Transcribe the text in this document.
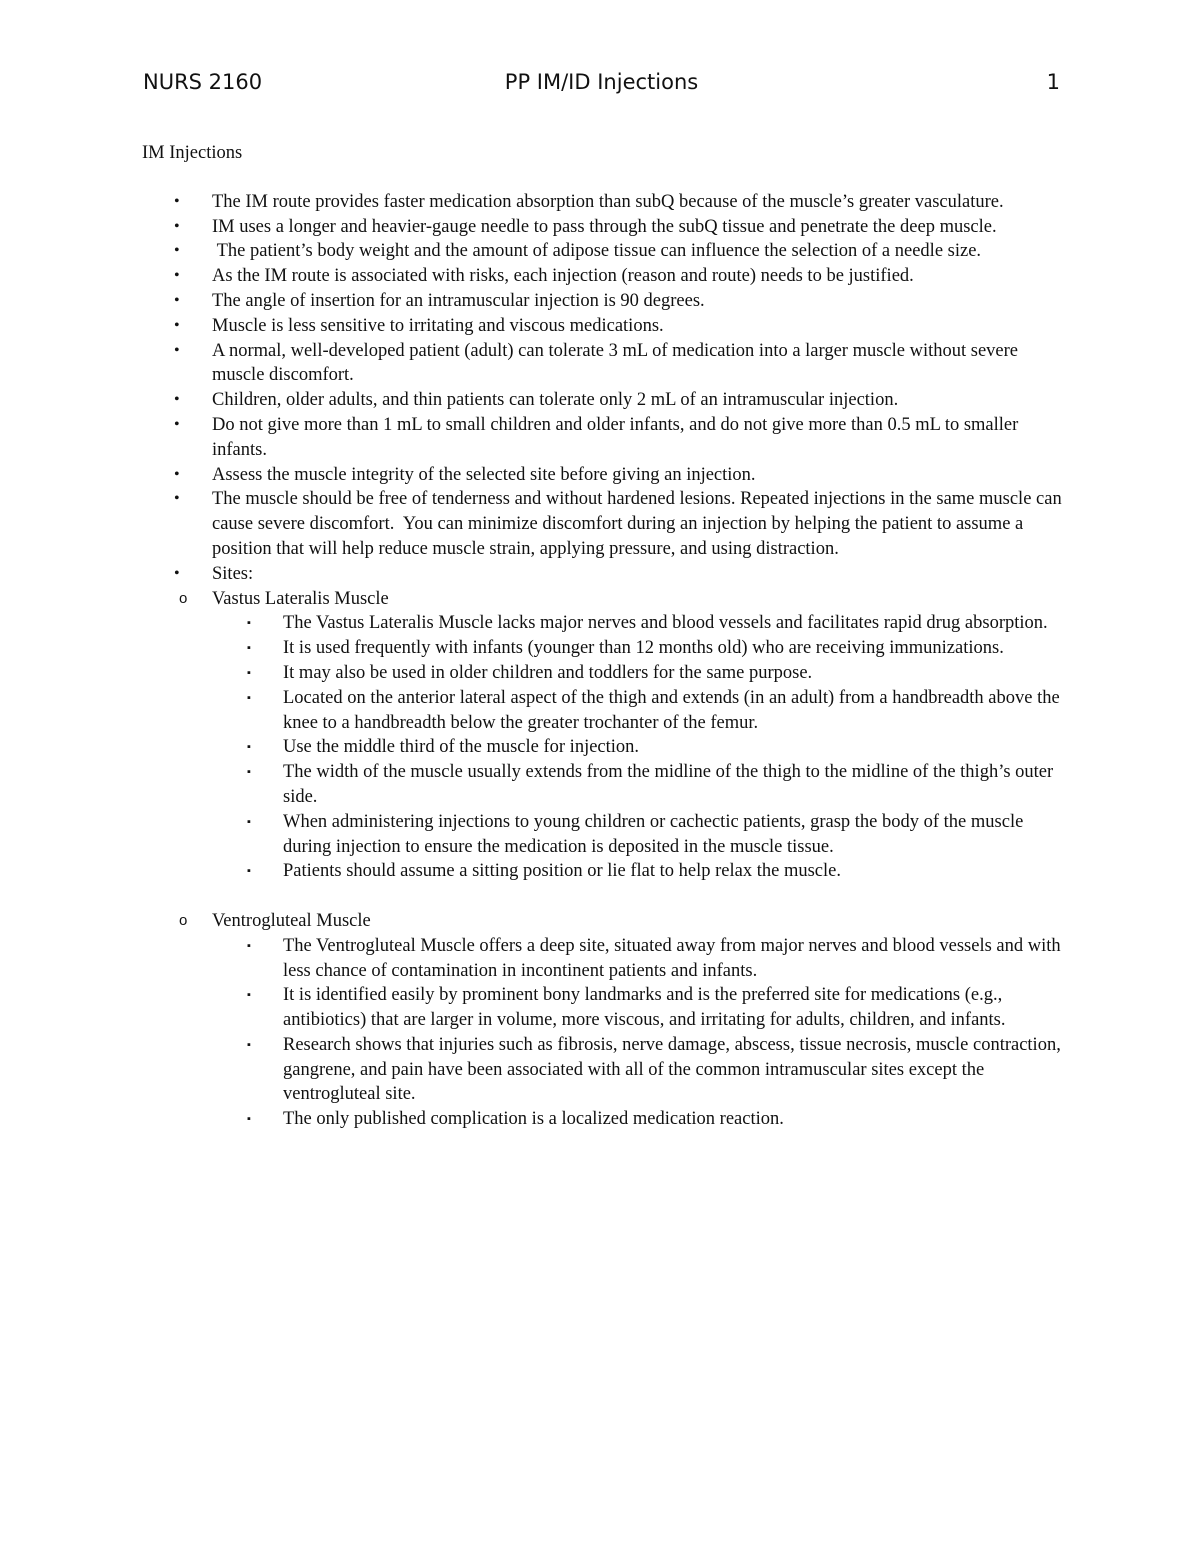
NURS 2160	PP IM/ID Injections	1
IM Injections
• The IM route provides faster medication absorption than subQ because of the muscle’s greater vasculature.
• IM uses a longer and heavier-gauge needle to pass through the subQ tissue and penetrate the deep muscle.
• The patient’s body weight and the amount of adipose tissue can influence the selection of a needle size.
• As the IM route is associated with risks, each injection (reason and route) needs to be justified.
• The angle of insertion for an intramuscular injection is 90 degrees.
• Muscle is less sensitive to irritating and viscous medications.
• A normal, well-developed patient (adult) can tolerate 3 mL of medication into a larger muscle without severe muscle discomfort.
• Children, older adults, and thin patients can tolerate only 2 mL of an intramuscular injection.
• Do not give more than 1 mL to small children and older infants, and do not give more than 0.5 mL to smaller infants.
• Assess the muscle integrity of the selected site before giving an injection.
• The muscle should be free of tenderness and without hardened lesions. Repeated injections in the same muscle can cause severe discomfort.  You can minimize discomfort during an injection by helping the patient to assume a position that will help reduce muscle strain, applying pressure, and using distraction.
• Sites:
o Vastus Lateralis Muscle
▪ The Vastus Lateralis Muscle lacks major nerves and blood vessels and facilitates rapid drug absorption.
▪ It is used frequently with infants (younger than 12 months old) who are receiving immunizations.
▪ It may also be used in older children and toddlers for the same purpose.
▪ Located on the anterior lateral aspect of the thigh and extends (in an adult) from a handbreadth above the knee to a handbreadth below the greater trochanter of the femur.
▪ Use the middle third of the muscle for injection.
▪ The width of the muscle usually extends from the midline of the thigh to the midline of the thigh’s outer side.
▪ When administering injections to young children or cachectic patients, grasp the body of the muscle during injection to ensure the medication is deposited in the muscle tissue.
▪ Patients should assume a sitting position or lie flat to help relax the muscle.
o Ventrogluteal Muscle
▪ The Ventrogluteal Muscle offers a deep site, situated away from major nerves and blood vessels and with less chance of contamination in incontinent patients and infants.
▪ It is identified easily by prominent bony landmarks and is the preferred site for medications (e.g., antibiotics) that are larger in volume, more viscous, and irritating for adults, children, and infants.
▪ Research shows that injuries such as fibrosis, nerve damage, abscess, tissue necrosis, muscle contraction, gangrene, and pain have been associated with all of the common intramuscular sites except the ventrogluteal site.
▪ The only published complication is a localized medication reaction.
